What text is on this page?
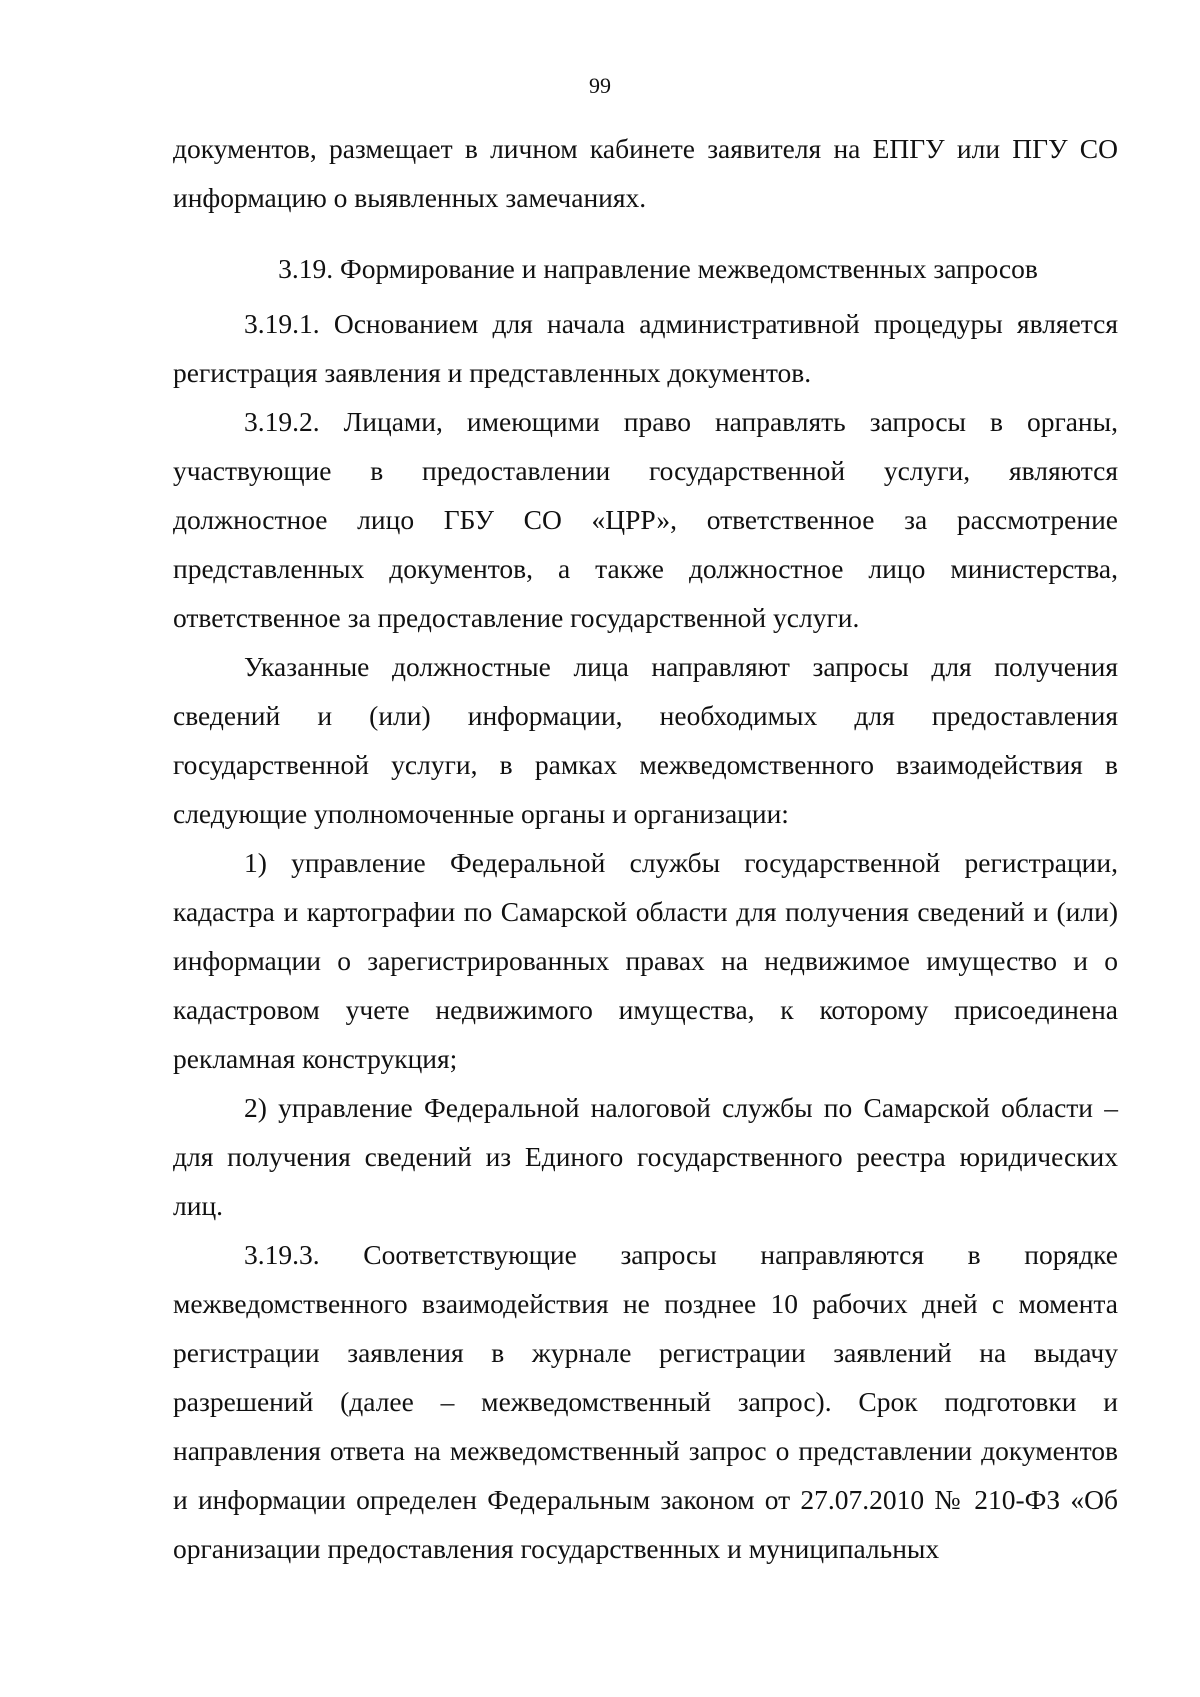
99

документов, размещает в личном кабинете заявителя на ЕПГУ или ПГУ СО информацию о выявленных замечаниях.

3.19. Формирование и направление межведомственных запросов

3.19.1. Основанием для начала административной процедуры является регистрация заявления и представленных документов.

3.19.2. Лицами, имеющими право направлять запросы в органы, участвующие в предоставлении государственной услуги, являются должностное лицо ГБУ СО «ЦРР», ответственное за рассмотрение представленных документов, а также должностное лицо министерства, ответственное за предоставление государственной услуги.

Указанные должностные лица направляют запросы для получения сведений и (или) информации, необходимых для предоставления государственной услуги, в рамках межведомственного взаимодействия в следующие уполномоченные органы и организации:

1) управление Федеральной службы государственной регистрации, кадастра и картографии по Самарской области для получения сведений и (или) информации о зарегистрированных правах на недвижимое имущество и о кадастровом учете недвижимого имущества, к которому присоединена рекламная конструкция;

2) управление Федеральной налоговой службы по Самарской области – для получения сведений из Единого государственного реестра юридических лиц.

3.19.3. Соответствующие запросы направляются в порядке межведомственного взаимодействия не позднее 10 рабочих дней с момента регистрации заявления в журнале регистрации заявлений на выдачу разрешений (далее – межведомственный запрос). Срок подготовки и направления ответа на межведомственный запрос о представлении документов и информации определен Федеральным законом от 27.07.2010 № 210-ФЗ «Об организации предоставления государственных и муниципальных
